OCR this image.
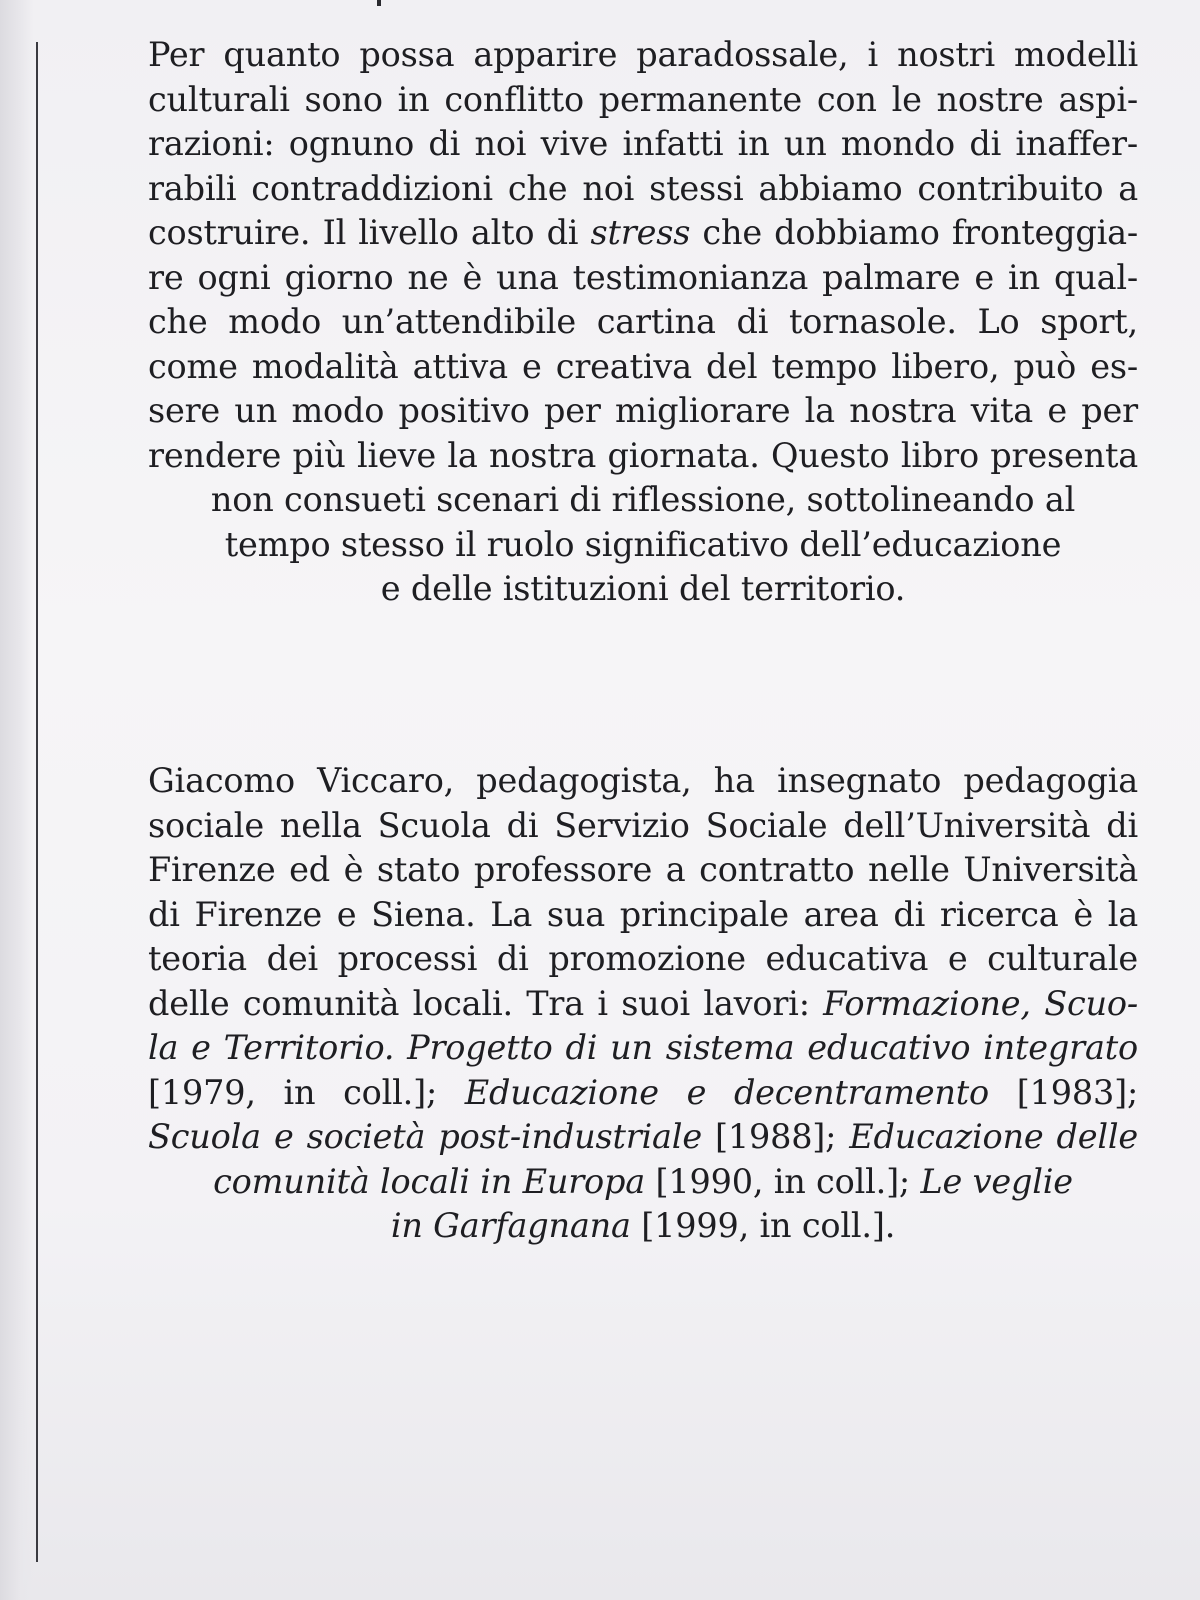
Per quanto possa apparire paradossale, i nostri modelli
culturali sono in conflitto permanente con le nostre aspi-
razioni: ognuno di noi vive infatti in un mondo di inaffer-
rabili contraddizioni che noi stessi abbiamo contribuito a
costruire. Il livello alto di stress che dobbiamo fronteggia-
re ogni giorno ne è una testimonianza palmare e in qual-
che modo un’attendibile cartina di tornasole. Lo sport,
come modalità attiva e creativa del tempo libero, può es-
sere un modo positivo per migliorare la nostra vita e per
rendere più lieve la nostra giornata. Questo libro presenta
non consueti scenari di riflessione, sottolineando al
tempo stesso il ruolo significativo dell’educazione
e delle istituzioni del territorio.
Giacomo Viccaro, pedagogista, ha insegnato pedagogia
sociale nella Scuola di Servizio Sociale dell’Università di
Firenze ed è stato professore a contratto nelle Università
di Firenze e Siena. La sua principale area di ricerca è la
teoria dei processi di promozione educativa e culturale
delle comunità locali. Tra i suoi lavori: Formazione, Scuo-
la e Territorio. Progetto di un sistema educativo integrato
[1979, in coll.]; Educazione e decentramento [1983];
Scuola e società post-industriale [1988]; Educazione delle
comunità locali in Europa [1990, in coll.]; Le veglie
in Garfagnana [1999, in coll.].
